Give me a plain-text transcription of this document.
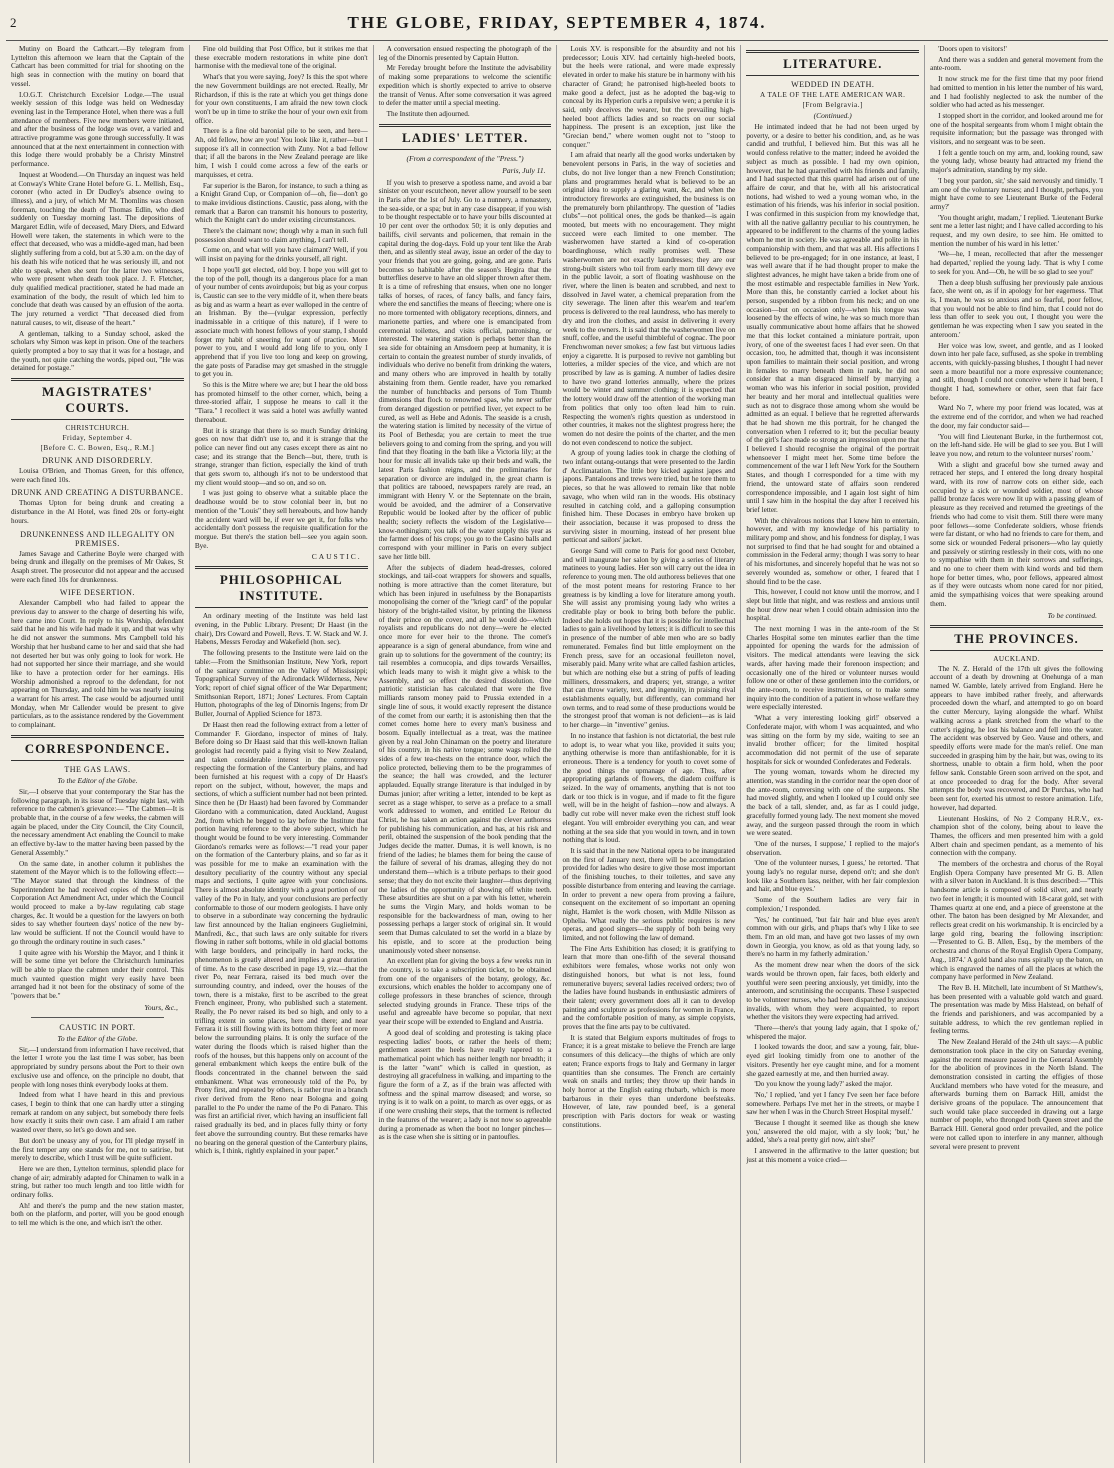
2	THE GLOBE, FRIDAY, SEPTEMBER 4, 1874.

Mutiny on Board the Cathcart.—By telegram from Lyttelton this afternoon we learn that the Captain of the Cathcart has been committed for trial for shooting on the high seas in connection with the mutiny on board that vessel.

I.O.G.T. Christchurch Excelsior Lodge.—The usual weekly session of this lodge was held on Wednesday evening last in the Temperance Hotel, when there was a full attendance of members. Five new members were initiated, and after the business of the lodge was over, a varied and attractive programme was gone through successfully. It was announced that at the next entertainment in connection with this lodge there would probably be a Christy Minstrel performance.

Inquest at Woodend.—On Thursday an inquest was held at Conway's White Crane Hotel before G. L. Mellish, Esq., coroner (who acted in Dr Dudley's absence owing to illness), and a jury, of which Mr M. Thomlins was chosen foreman, touching the death of Thomas Edlin, who died suddenly on Tuesday morning last. The depositions of Margaret Edlin, wife of deceased, Mary Diers, and Edward Howell were taken, the statements in which were to the effect that deceased, who was a middle-aged man, had been slightly suffering from a cold, but at 5.30 a.m. on the day of his death his wife noticed that he was seriously ill, and not able to speak, when she sent for the latter two witnesses, who were present when death took place. J. F. Fletcher, duly qualified medical practitioner, stated he had made an examination of the body, the result of which led him to conclude that death was caused by an effusion of the aorta. The jury returned a verdict "That deceased died from natural causes, to wit, disease of the heart."

A gentleman, talking to a Sunday school, asked the scholars why Simon was kept in prison. One of the teachers quietly prompted a boy to say that it was for a hostage, and the youth, not quite catching the words, piped out, "He was detained for postage."

MAGISTRATES' COURTS.
CHRISTCHURCH.
Friday, September 4.
[Before C. C. Bowen, Esq., R.M.]
DRUNK AND DISORDERLY.

Louisa O'Brien, and Thomas Green, for this offence, were each fined 10s.

DRUNK AND CREATING A DISTURBANCE.

Thomas Upton for being drunk and creating a disturbance in the Al Hotel, was fined 20s or forty-eight hours.

DRUNKENNESS AND ILLEGALITY ON PREMISES.

James Savage and Catherine Boyle were charged with being drunk and illegally on the premises of Mr Oakes, St Asaph street. The prosecutor did not appear and the accused were each fined 10s for drunkenness.

WIFE DESERTION.

Alexander Campbell who had failed to appear the previous day to answer to the charge of deserting his wife, here came into Court. In reply to his Worship, defendant said that he and his wife had made it up, and that was why he did not answer the summons. Mrs Campbell told his Worship that her husband came to her and said that she had not deserted her but was only going to look for work. He had not supported her since their marriage, and she would like to have a protection order for her earnings. His Worship admonished a reproof to the defendant, for not appearing on Thursday, and told him he was nearly issuing a warrant for his arrest. The case would be adjourned until Monday, when Mr Callender would be present to give particulars, as to the assistance rendered by the Government to complainant.

CORRESPONDENCE.
THE GAS LAWS.
To the Editor of the Globe.

Sir,—I observe that your contemporary the Star has the following paragraph, in its issue of Tuesday night last, with reference to the cabmen's grievance:— "The Cabmen—It is probable that, in the course of a few weeks, the cabmen will again be placed, under the City Council, the City Council, the necessary amendment Act enabling the Council to make an effective by-law to the matter having been passed by the General Assembly."

On the same date, in another column it publishes the statement of the Mayor which is to the following effect:— "The Mayor stated that through the kindness of the Superintendent he had received copies of the Municipal Corporation Act Amendment Act, under which the Council would proceed to make a by-law regulating cab stage charges, &c. It would be a question for the lawyers on both sides to say whether fourteen days' notice of the new by-law would be sufficient. If not the Council would have to go through the ordinary routine in such cases."

I quite agree with his Worship the Mayor, and I think it will be some time yet before the Christchurch luminaries will be able to place the cabmen under their control. This much vaunted question might very easily have been arranged had it not been for the obstinacy of some of the "powers that be."

Yours, &c.,
CAUSTIC IN PORT.
To the Editor of the Globe.

Sir,—I understand from information I have received, that the letter I wrote you the last time I was sober, has been appropriated by sundry persons about the Port to their own exclusive use and offence, on the principle no doubt, that people with long noses think everybody looks at them.

Indeed from what I have heard in this and previous cases, I begin to think that one can hardly utter a stinging remark at random on any subject, but somebody there feels how exactly it suits their own case. I am afraid I am rather wasted over there, so let's go down and see.

But don't be uneasy any of you, for I'll pledge myself in the first temper any one stands for me, not to satirise, but merely to describe, which I trust will be quite sufficient.

Here we are then, Lyttelton terminus, splendid place for change of air; admirably adapted for Chinamen to walk in a string, but rather too much length and too little width for ordinary folks.

Ah! and there's the pump and the new station master, both on the platform, and porter, will you be good enough to tell me which is the one, and which isn't the other.

Fine old building that Post Office, but it strikes me that these execrable modern restorations in white pine don't harmonise with the medieval tone of the original.

What's that you were saying, Joey? Is this the spot where the new Government buildings are not erected. Really, Mr Richardson, if this is the rate at which you get things done for your own constituents, I am afraid the new town clock won't be up in time to strike the hour of your own exit from office.

There is a fine old baronial pile to be seen, and here— Ah, old fellow, how are you! You look like it, rather—but I suppose it's all in connection with Zuny. Not a bad fellow that; if all the barons in the New Zealand peerage are like him, I wish I could come across a few of the earls or marquisses, et cetra.

Far superior is the Baron, for instance, to such a thing as a Knight Grand Cup, or Companion of—oh, fie—don't go to make invidious distinctions. Caustic, pass along, with the remark that a Baron can transmit his honours to posterity, which the Knight can't do under existing circumstances.

There's the claimant now; though why a man in such full possession should want to claim anything, I can't tell.

Come on, and what will you have claimant? Well, if you will insist on paying for the drinks yourself, all right.

I hope you'll get elected, old boy. I hope you will get to the top of the poll, though its a dangerous place for a man of your number of cents avoirdupois; but big as your corpus is, Caustic can see to the very middle of it, when there beats as big and as warm a heart as ever walloped in the centre of an Irishman. By the—(vulgar expression, perfectly inadmissable in a critique of this nature), if I were to associate much with honest fellows of your stamp, I should forget my habit of sneering for want of practice. More power to you, and I would add long life to you, only I apprehend that if you live too long and keep on growing, the gate posts of Paradise may get smashed in the struggle to get you in.

So this is the Mitre where we are; but I hear the old boss has promoted himself to the other corner, which, being a three-storied affair, I suppose he means to call it the "Tiara." I recollect it was said a hotel was awfully wanted thereabout.

But it is strange that there is so much Sunday drinking goes on now that didn't use to, and it is strange that the police can never find out any cases except there as aint no case; and its strange that the Bench—but, there, truth is strange, stranger than fiction, especially the kind of truth that gets sworn to, although it's not to be understood that my client would stoop—and so on, and so on.

I was just going to observe what a suitable place the deadhouse would be to stow colonial beer in, but no mention of the "Louis" they sell hereabouts, and how handy the accident ward will be, if ever we get it, for folks who accidentally don't possess the requisite qualification for the morgue. But there's the station bell—see you again soon. Bye.

CAUSTIC.
PHILOSOPHICAL INSTITUTE.

An ordinary meeting of the Institute was held last evening, in the Public Library. Present; Dr Haast (in the chair), Drs Coward and Powell, Revs. T. W. Stack and W. J. Habens, Messrs Feroday and Wakefield (hon. sec).

The following presents to the Institute were laid on the table:—From the Smithsonian Institute, New York, report of the sanitary committee on the Valley of Mississippi; Topographical Survey of the Adirondack Wilderness, New York; report of chief signal officer of the War Department; Smithsonian Report, 1871; Jones' Lectures. From Captain Hutton, photographs of the leg of Dinornis Ingens; from Dr Buller, Journal of Applied Science for 1873.

Dr Haast then read the following extract from a letter of Commander F. Giordano, inspector of mines of Italy. Before doing so Dr Haast said that this well-known Italian geologist had recently paid a flying visit to New Zealand, and taken considerable interest in the controversy respecting the formation of the Canterbury plains, and had been furnished at his request with a copy of Dr Haast's report on the subject, without, however, the maps and sections, of which a sufficient number had not been printed. Since then he (Dr Haast) had been favored by Commander Giordano with a communication, dated Auckland, August 2nd, from which he begged to lay before the Institute that portion having reference to the above subject, which he thought would be found to be very interesting. Commander Giordano's remarks were as follows:—"I read your paper on the formation of the Canterbury plains, and so far as it was possible for me to make an examination with the desultory peculiarity of the country without any special maps and sections, I quite agree with your conclusions. There is almost absolute identity with a great portion of our valley of the Po in Italy, and your conclusions are perfectly conformable to those of our modern geologists. I have only to observe in a subordinate way concerning the hydraulic law first announced by the Italian engineers Guglielmini, Manfredi, &c., that such laws are only suitable for rivers flowing in rather soft bottoms, while in old glacial bottoms with large boulders, and principally in hard rocks, the phenomenon is greatly altered and implies a great duration of time. As to the case described in page 19, viz.—that the river Po, near Ferrara, raised its bed much over the surrounding country, and indeed, over the houses of the town, there is a mistake, first to be ascribed to the great French engineer, Prony, who published such a statement. Really, the Po never raised its bed so high, and only to a trifling extent in some places, here and there; and near Ferrara it is still flowing with its bottom thirty feet or more below the surrounding plains. It is only the surface of the water during the floods which is raised higher than the roofs of the houses, but this happens only on account of the general embankment which keeps the entire bulk of the floods concentrated in the channel between the said embankment. What was erroneously told of the Po, by Prony first, and repeated by others, is rather true in a branch river derived from the Reno near Bologna and going parallel to the Po under the name of the Po di Panaro. This was first an artificial river, which having an insufficient fall raised gradually its bed, and in places fully thirty or forty feet above the surrounding country. But these remarks have no bearing on the general question of the Canterbury plains, which is, I think, rightly explained in your paper."

A conversation ensued respecting the photograph of the leg of the Dinornis presented by Captain Hutton.

Mr Fereday brought before the Institute the advisability of making some preparations to welcome the scientific expedition which is shortly expected to arrive to observe the transit of Venus. After some conversation it was agreed to defer the matter until a special meeting.

The Institute then adjourned.

LADIES' LETTER.
(From a correspondent of the "Press.")
Paris, July 11.

If you wish to preserve a spotless name, and avoid a bar sinister on your escutcheon, never allow yourself to be seen in Paris after the 1st of July. Go to a nunnery, a monastery, the sea-side, or a spa; but in any case disappear, if you wish to be thought respectable or to have your bills discounted at 10 per cent over the orthodox 50; it is only deputies and bailiffs, civil servants and policemen, that remain in the capital during the dog-days. Fold up your tent like the Arab then, and as silently steal away, issue an order of the day to your friends that you are going, going, and are gone. Paris becomes so habitable after the season's Hegira that the butterflies deserve to have an old slipper thrown after them. It is a time of refreshing that ensues, when one no longer talks of horses, of races, of fancy balls, and fancy fairs, where the end sanctifies the means of fleecing; where one is no more tormented with obligatory receptions, dinners, and marionette parties, and where one is emancipated from ceremonial toilettes, and visits official, patronising, or interested. The watering station is perhaps better than the sea side for obtaining an Amsdoem peep at humanity, it is certain to contain the greatest number of sturdy invalids, of individuals who derive no benefit from drinking the waters, and many others who are improved in health by totally abstaining from them. Gentle reader, have you remarked the number of hunchbacks and persons of Tom Thumb dimensions that flock to renowned spas, who never suffer from deranged digestion or petrified liver, yet expect to be cured, as well as Hebe and Adonis. The seaside is a crush, the watering station is limited by necessity of the virtue of its Pool of Bethesda; you are certain to meet the true believers going to and coming from the spring, and you will find that they floating in the bath like a Victoria lily; at the hour for music all invalids take up their beds and walk, the latest Paris fashion reigns, and the preliminaries for separation or divorce are indulged in, the great charm is that politics are tabooed, newspapers rarely are read, an immigrant with Henry V. or the Septennate on the brain, would be avoided, and the admirer of a Conservative Republic would be looked after by the officer of public health; society reflects the wisdom of the Legislative—know-nothingism; you talk of the water supply this year as the farmer does of his crops; you go to the Casino balls and correspond with your milliner in Paris on every subject save her little bill.

After the subjects of diadem head-dresses, colored stockings, and tail-coat wrappers for showers and squalls, nothing is more attractive than the comet literature, but which has been injured in usefulness by the Bonapartists monopolising the corner of the "kriegt card" of the popular history of the bright-tailed visitor, by printing the likeness of their prince on the cover, and all he would do—which royalists and republicans do not deny—were he elected once more for ever heir to the throne. The comet's appearance is a sign of general abundance, from wine and grain up to solutions for the government of the country; its tail resembles a cornucopia, and dips towards Versailles, which leads many to wish it might give a whisk to the Assembly, and so effect the desired dissolution. One patriotic statistician has calculated that were the five milliards ransom money paid to Prussia extended in a single line of sous, it would exactly represent the distance of the comet from our earth; it is astonishing then that the comet comes home here to every man's business and bosom. Equally intellectual as a treat, was the matinee given by a real John Chinaman on the poetry and literature of his country, in his native tongue; some wags rolled the sides of a few tea-chests on the entrance door, which the police protected, believing them to be the programmes of the seance; the hall was crowded, and the lecturer applauded. Equally strange literature is that indulged in by Dumas junior; after writing a letter, intended to be kept as secret as a stage whisper, to serve as a preface to a small work addressed to women, and entitled Le Retour du Christ, he has taken an action against the clever authoress for publishing his communication, and has, at his risk and peril, obtained the suspension of the book pending that the Judges decide the matter. Dumas, it is well known, is no friend of the ladies; he blames them for being the cause of the failure of several of his dramas, alleging they do not understand them—which is a tribute perhaps to their good sense; that they do not excite their laughter—thus depriving the ladies of the opportunity of showing off white teeth. These absurdities are shut on a par with his letter, wherein he sums the Virgin Mary, and holds woman to be responsible for the backwardness of man, owing to her possessing perhaps a larger stock of original sin. It would seem that Dumas calculated to set the world in a blaze by his epistle, and to score at the production being unanimously voted sheer nonsense.

An excellent plan for giving the boys a few weeks run in the country, is to take a subscription ticket, to be obtained from one of the organisers of the botany, geology, &c. excursions, which enables the holder to accompany one of college professors in these branches of science, through selected studying grounds in France. These trips of the useful and agreeable have become so popular, that next year their scope will be extended to England and Austria.

A good deal of scolding and protesting is taking place respecting ladies' boots, or rather the heels of them; gentlemen assert the heels have really tapered to a mathematical point which has neither length nor breadth; it is the latter "want" which is called in question, as destroying all gracefulness in walking, and imparting to the figure the form of a Z, as if the brain was affected with softness and the spinal marrow diseased; and worse, so trying is it to walk on a point, to march as over eggs, or as if one were crushing their steps, that the torment is reflected in the features of the wearer; a lady is not now so agreeable during a promenade as when the boot no longer pinches—as is the case when she is sitting or in pantoufles.

Louis XV. is responsible for the absurdity and not his predecessor; Louis XIV. had certainly high-heeled boots, but the heels were rational, and were made expressly elevated in order to make his stature be in harmony with his character of Grand; he patronised high-heeled boots to make good a defect, just as he adopted the bag-wig to conceal by its Hyperion curls a repulsive wen; a peruke it is said, only deceives the wearer, but the prevailing high-heeled boot afflicts ladies and so reacts on our social happiness. The present is an exception, just like the "Grecian bend," where women ought not to "stoop to conquer."

I am afraid that nearly all the good works undertaken by benevolent persons in Paris, in the way of societies and clubs, do not live longer than a new French Constitution; plans and programmes herald what is believed to be an original idea to supply a glaring want, &c, and when the introductory fireworks are extinguished, the business is on the prematurely born philanthropy. The question of "ladies clubs"—not political ones, the gods be thanked—is again mooted, but meets with no encouragement. They might succeed were each limited to one member. The washerwomen have started a kind of co-operation boardinghouse, which really promises well. These washerwomen are not exactly laundresses; they are our strong-built sisters who toil from early morn till dewy eve in the public lavoir, a sort of floating washhouse on the river, where the linen is beaten and scrubbed, and next to dissolved in Javel water, a chemical preparation from the city sewerage. The linen after this wear'em and tear'em process is delivered to the real laundress, who has merely to dry and iron the clothes, and assist in delivering it every week to the owners. It is said that the washerwomen live on snuff, coffee, and the useful thimbleful of cognac. The poor Frenchwoman never smokes; a few fast but virtuous ladies enjoy a cigarette. It is purposed to revive not gambling but lotteries, a milder species of the vice, and which are not proscribed by law as is gaming. A number of ladies desire to have two grand lotteries annually, where the prizes would be winter and summer clothing; it is expected that the lottery would draw off the attention of the working man from politics that only too often lead him to ruin. Respecting the women's rights question as understood in other countries, it makes not the slightest progress here; the women do not desire the points of the charter, and the men do not even condescend to notice the subject.

A group of young ladies took in charge the clothing of two infant outang-outangs that were presented to the Jardin d' Acclimatation. The little boy kicked against japes and japons. Pantaloons and trews were tried, but he tore them to pieces, so that he was allowed to remain like that noble savage, who when wild ran in the woods. His obstinacy resulted in catching cold, and a galloping consumption finished him. These Docases in embryo have broken up their association, because it was proposed to dress the surviving sister in mourning, instead of her present blue petticoat and sailors' jacket.

George Sand will come to Paris for good next October, and will inaugurate her salon by giving a series of literary matinees to young ladies. Her son will carry out the idea in reference to young men. The old authoress believes that one of the most potent means for restoring France to her greatness is by kindling a love for literature among youth. She will assist any promising young lady who writes a creditable play or book to bring both before the public. Indeed she holds out hopes that it is possible for intellectual ladies to gain a livelihood by letters; it is difficult to see this in presence of the number of able men who are so badly remunerated. Females find but little employment on the French press, save for an occasional feuilleton novel, miserably paid. Many write what are called fashion articles, but which are nothing else but a string of puffs of leading milliners, dressmakers, and drapers; yet, strange, a writer that can throw variety, text, and ingenuity, in praising rival establishments equally, but differently, can command her own terms, and to read some of these productions would be the strongest proof that woman is not deficient—as is laid to her charge—in "inventive" genius.

In no instance that fashion is not dictatorial, the best rule to adopt is, to wear what you like, provided it suits you; anything otherwise is more than antifashionable, for it is erroneous. There is a tendency for youth to covet some of the good things the upmanage of age. Thus, after appropriating garlands of flowers, the diadem coiffure is seized. In the way of ornaments, anything that is not too dark or too thick is in vogue, and if made to fit the figure well, will be in the height of fashion—now and always. A badly cut robe will never make even the richest stuff look elegant. You will embroider everything you can, and wear nothing at the sea side that you would in town, and in town nothing that is loud.

It is said that in the new National opera to be inaugurated on the first of January next, there will be accommodation provided for ladies who desire to give those most important of the finishing touches, to their toilettes, and save any possible disturbance from entering and leaving the carriage. In order to prevent a new opera from proving a failure, consequent on the excitement of so important an opening night, Hamlet is the work chosen, with Mdlle Nilsson as Ophelia. What really the serious public requires is new operas, and good singers—the supply of both being very limited, and not following the law of demand.

The Fine Arts Exhibition has closed; it is gratifying to learn that more than one-fifth of the several thousand exhibitors were females, whose works not only won distinguished honors, but what is not less, found remunerative buyers; several ladies received orders; two of the ladies have found husbands in enthusiastic admirers of their talent; every government does all it can to develop painting and sculpture as professions for women in France, and the comfortable position of many, as simple copyists, proves that the fine arts pay to be cultivated.

It is stated that Belgium exports multitudes of frogs to France; it is a great mistake to believe the French are large consumers of this delicacy—the thighs of which are only eaten; France exports frogs to Italy and Germany in larger quantities than she consumes. The French are certainly weak on snails and turtles; they throw up their hands in holy horror at the English eating rhubarb, which is more barbarous in their eyes than underdone beefsteaks. However, of late, raw pounded beef, is a general prescription with Paris doctors for weak or wasting constitutions.

LITERATURE.
WEDDED IN DEATH.
A TALE OF THE LATE AMERICAN WAR.
[From Belgravia.]
(Continued.)

He intimated indeed that he had not been urged by poverty, or a desire to better his condition, and, as he was candid and truthful, I believed him. But this was all he would confess relative to the matter; indeed he avoided the subject as much as possible. I had my own opinion, however, that he had quarrelled with his friends and family, and I had suspected that this quarrel had arisen out of une affaire de cœur, and that he, with all his aristocratical notions, had wished to wed a young woman who, in the estimation of his friends, was his inferior in social position. I was confirmed in this suspicion from my knowledge that, with all the native gallantry peculiar to his countrymen, he appeared to be indifferent to the charms of the young ladies whom he met in society. He was agreeable and polite in his companionship with them, and that was all. His affections I believed to be pre-engaged; for in one instance, at least, I was well aware that if he had thought proper to make the slightest advances, he might have taken a bride from one of the most estimable and respectable families in New York. More than this, he constantly carried a locket about his person, suspended by a ribbon from his neck; and on one occasion—but on occasion only—when his tongue was loosened by the effects of wine, he was so much more than usually communicative about home affairs that he showed me that this locket contained a miniature portrait, upon ivory, of one of the sweetest faces I had ever seen. On that occasion, too, he admitted that, though it was inconsistent upon families to maintain their social position, and wrong in females to marry beneath them in rank, he did not consider that a man disgraced himself by marrying a woman who was his inferior in social position, provided her beauty and her moral and intellectual qualities were such as not to disgrace those among whom she would be admitted as an equal. I believe that he regretted afterwards that he had shown me this portrait, for he changed the conversation when I referred to it; but the peculiar beauty of the girl's face made so strong an impression upon me that I believed I should recognise the original of the portrait whensoever I might meet her. Some time before the commencement of the war I left New York for the Southern States, and though I corresponded for a time with my friend, the untoward state of affairs soon rendered correspondence impossible, and I again lost sight of him until I saw him in the hospital the day after I received his brief letter.

With the chivalrous notions that I knew him to entertain, however, and with my knowledge of his partiality to military pomp and show, and his fondness for display, I was not surprised to find that he had sought for and obtained a commission in the Federal army; though I was sorry to hear of his misfortunes, and sincerely hopeful that he was not so severely wounded as, somehow or other, I feared that I should find to be the case.

This, however, I could not know until the morrow, and I slept but little that night, and was restless and anxious until the hour drew near when I could obtain admission into the hospital.

The next morning I was in the ante-room of the St Charles Hospital some ten minutes earlier than the time appointed for opening the wards for the admission of visitors. The medical attendants were leaving the sick wards, after having made their forenoon inspection; and occasionally one of the hired or volunteer nurses would follow one or other of these gentlemen into the corridors, or the ante-room, to receive instructions, or to make some inquiry into the condition of a patient in whose welfare they were especially interested.

'What a very interesting looking girl!' observed a Confederate major, with whom I was acquainted, and who was sitting on the form by my side, waiting to see an invalid brother officer; for the limited hospital accommodation did not permit of the use of separate hospitals for sick or wounded Confederates and Federals.

The young woman, towards whom he directed my attention, was standing in the corridor near the open door of the ante-room, conversing with one of the surgeons. She had moved slightly, and when I looked up I could only see the back of a tall, slender, and, as far as I could judge, gracefully formed young lady. The next moment she moved away, and the surgeon passed through the room in which we were seated.

'One of the nurses, I suppose,' I replied to the major's observation.

'One of the volunteer nurses, I guess,' he retorted. 'That young lady's no regular nurse, depend on't; and she don't look like a Southern lass, neither, with her fair complexion and hair, and blue eyes.'

'Some of the Southern ladies are very fair in complexion,' I responded.

'Yes,' he continued, 'but fair hair and blue eyes aren't common with our girls, and p'haps that's why I like to see them. I'm an old man, and have got two lasses of my own down in Georgia, you know, as old as that young lady, so there's no harm in my fatherly admiration.'

As the moment drew near when the doors of the sick wards would be thrown open, fair faces, both elderly and youthful were seen peering anxiously, yet timidly, into the anteroom, and scrutinising the occupants. These I suspected to be volunteer nurses, who had been dispatched by anxious invalids, with whom they were acquainted, to report whether the visitors they were expecting had arrived.

'There—there's that young lady again, that I spoke of,' whispered the major.

I looked towards the door, and saw a young, fair, blue-eyed girl looking timidly from one to another of the visitors. Presently her eye caught mine, and for a moment she gazed earnestly at me, and then hurried away.

'Do you know the young lady?' asked the major.

'No,' I replied, 'and yet I fancy I've seen her face before somewhere. Perhaps I've met her in the streets, or maybe I saw her when I was in the Church Street Hospital myself.'

'Because I thought it seemed like as though she knew you,' answered the old major, with a sly look; 'but,' he added, 'she's a real pretty girl now, ain't she?'

I answered in the affirmative to the latter question; but just at this moment a voice cried—

'Doors open to visitors!'

And there was a sudden and general movement from the ante-room.

It now struck me for the first time that my poor friend had omitted to mention in his letter the number of his ward, and I had foolishly neglected to ask the number of the soldier who had acted as his messenger.

I stopped short in the corridor, and looked around me for one of the hospital sergeants from whom I might obtain the requisite information; but the passage was thronged with visitors, and no sergeant was to be seen.

I felt a gentle touch on my arm, and, looking round, saw the young lady, whose beauty had attracted my friend the major's admiration, standing by my side.

'I beg your pardon, sir,' she said nervously and timidly. 'I am one of the voluntary nurses; and I thought, perhaps, you might have come to see Lieutenant Burke of the Federal army?'

'You thought aright, madam,' I replied. 'Lieutenant Burke sent me a letter last night; and I have called according to his request, and my own desire, to see him. He omitted to mention the number of his ward in his letter.'

'We—he, I mean, recollected that after the messenger had departed,' replied the young lady. 'That is why I come to seek for you. And—Oh, he will be so glad to see you!'

Then a deep blush suffusing her previously pale anxious face, she went on, as if in apology for her eagerness. 'That is, I mean, he was so anxious and so fearful, poor fellow, that you would not be able to find him, that I could not do less than offer to seek you out, I thought you were the gentleman he was expecting when I saw you seated in the anteroom.'

Her voice was low, sweet, and gentle, and as I looked down into her pale face, suffused, as she spoke in trembling accents, with quickly-passing blushes, I thought I had never seen a more beautiful nor a more expressive countenance; and still, though I could not conceive where it had been, I thought I had, somewhere or other, seen that fair face before.

Ward No 7, where my poor friend was located, was at the extreme end of the corridor, and when we had reached the door, my fair conductor said—

'You will find Lieutenant Burke, in the furthermost cot, on the left-hand side. He will be glad to see you. But I will leave you now, and return to the volunteer nurses' room.'

With a slight and graceful bow she turned away and retraced her steps, and I entered the long dreary hospital ward, with its row of narrow cots on either side, each occupied by a sick or wounded soldier, most of whose pallid bronze faces were now lit up with a passing gleam of pleasure as they received and returned the greetings of the friends who had come to visit them. Still there were many poor fellows—some Confederate soldiers, whose friends were far distant, or who had no friends to care for them, and some sick or wounded Federal prisoners—who lay quietly and passively or stirring restlessly in their cots, with no one to sympathise with them in their sorrows and sufferings, and no one to cheer them with kind words and bid them hope for better times, who, poor fellows, appeared almost as if they were outcasts whom none cared for nor pitied, amid the sympathising voices that were speaking around them.

To be continued.
THE PROVINCES.
AUCKLAND.

The N. Z. Herald of the 17th ult gives the following account of a death by drowning at Onehunga of a man named W. Gamble, lately arrived from England. Here he appears to have imbibed rather freely, and afterwards proceeded down the wharf, and attempted to go on board the cutter Mercury, laying alongside the wharf. Whilst walking across a plank stretched from the wharf to the cutter's rigging, he lost his balance and fell into the water. The accident was observed by Geo. Vause and others, and speedily efforts were made for the man's relief. One man succeeded in grasping him by the hair, but was, owing to its shortness, unable to obtain a firm hold, when the poor fellow sank. Constable Green soon arrived on the spot, and at once proceeded to drag for the body. After several attempts the body was recovered, and Dr Purchas, who had been sent for, exerted his utmost to restore animation. Life, however, had departed.

Lieutenant Hoskins, of No 2 Company H.R.V., ex-champion shot of the colony, being about to leave the Thames, the officers and men presented him with a gold Albert chain and specimen pendant, as a memento of his connection with the company.

The members of the orchestra and chorus of the Royal English Opera Company have presented Mr G. B. Allen with a silver baton in Auckland. It is thus described:—"This handsome article is composed of solid silver, and nearly two feet in length; it is mounted with 18-carat gold, set with Thames quartz at one end, and a piece of greenstone at the other. The baton has been designed by Mr Alexander, and reflects great credit on his workmanship. It is encircled by a large gold ring, bearing the following inscription:—'Presented to G. B. Allen, Esq., by the members of the orchestra and chorus of the Royal English Opera Company, Aug., 1874.' A gold band also runs spirally up the baton, on which is engraved the names of all the places at which the company have performed in New Zealand.

The Rev B. H. Mitchell, late incumbent of St Matthew's, has been presented with a valuable gold watch and guard. The presentation was made by Miss Halstead, on behalf of the friends and parishioners, and was accompanied by a suitable address, to which the rev gentleman replied in feeling terms.

The New Zealand Herald of the 24th ult says:—A public demonstration took place in the city on Saturday evening, against the recent measure passed in the General Assembly for the abolition of provinces in the North Island. The demonstration consisted in carting the effigies of those Auckland members who have voted for the measure, and afterwards burning them on Barrack Hill, amidst the derisive groans of the populace. The announcement that such would take place succeeded in drawing out a large number of people, who thronged both Queen street and the Barrack Hill. General good order prevailed, and the police were not called upon to interfere in any manner, although several were present to prevent
